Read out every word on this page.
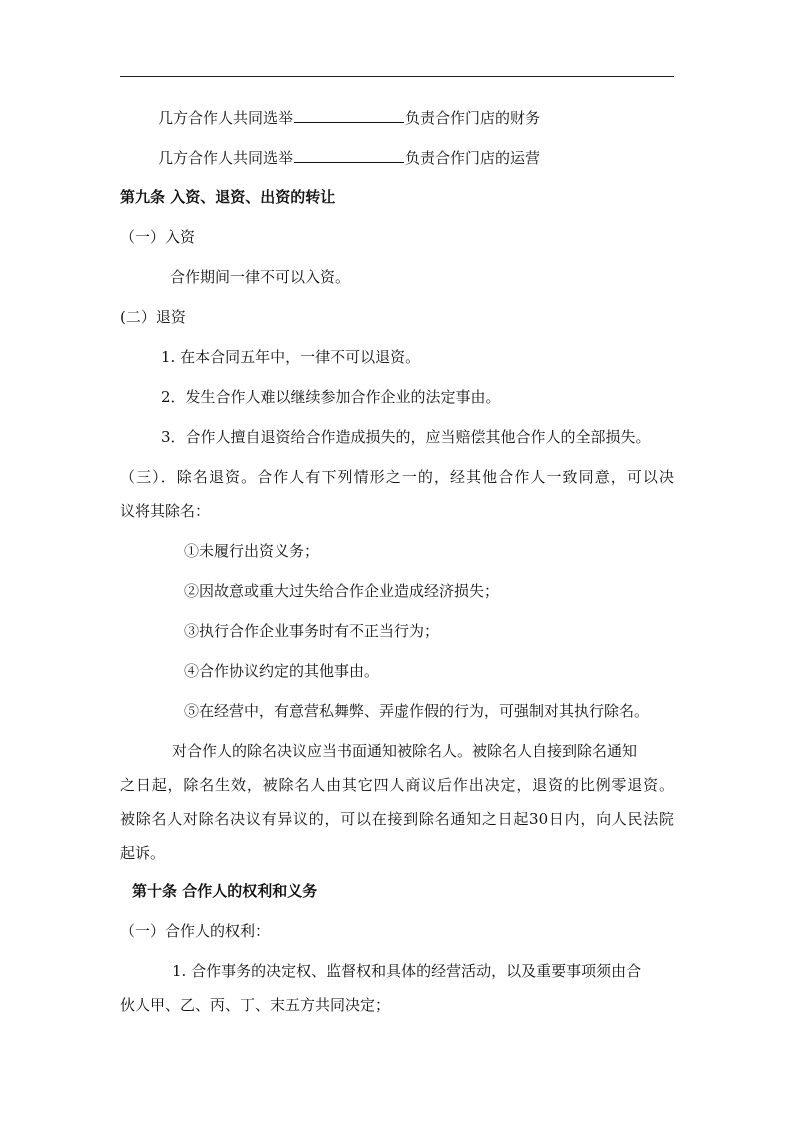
几方合作人共同选举	负责合作门店的财务
几方合作人共同选举	负责合作门店的运营
第九条 入资、退资、出资的转让
（一）入资
合作期间一律不可以入资。
(二）退资
1. 在本合同五年中，一律不可以退资。
2．发生合作人难以继续参加合作企业的法定事由。
3．合作人擅自退资给合作造成损失的，应当赔偿其他合作人的全部损失。
（三）．除名退资。合作人有下列情形之一的，经其他合作人一致同意，可以决
议将其除名：
①未履行出资义务；
②因故意或重大过失给合作企业造成经济损失；
③执行合作企业事务时有不正当行为；
④合作协议约定的其他事由。
⑤在经营中，有意营私舞弊、弄虚作假的行为，可强制对其执行除名。
对合作人的除名决议应当书面通知被除名人。被除名人自接到除名通知
之日起，除名生效，被除名人由其它四人商议后作出决定，退资的比例零退资。
被除名人对除名决议有异议的，可以在接到除名通知之日起30日内，向人民法院
起诉。
第十条 合作人的权利和义务
（一）合作人的权利：
1. 合作事务的决定权、监督权和具体的经营活动，以及重要事项须由合
伙人甲、乙、丙、丁、末五方共同决定；
